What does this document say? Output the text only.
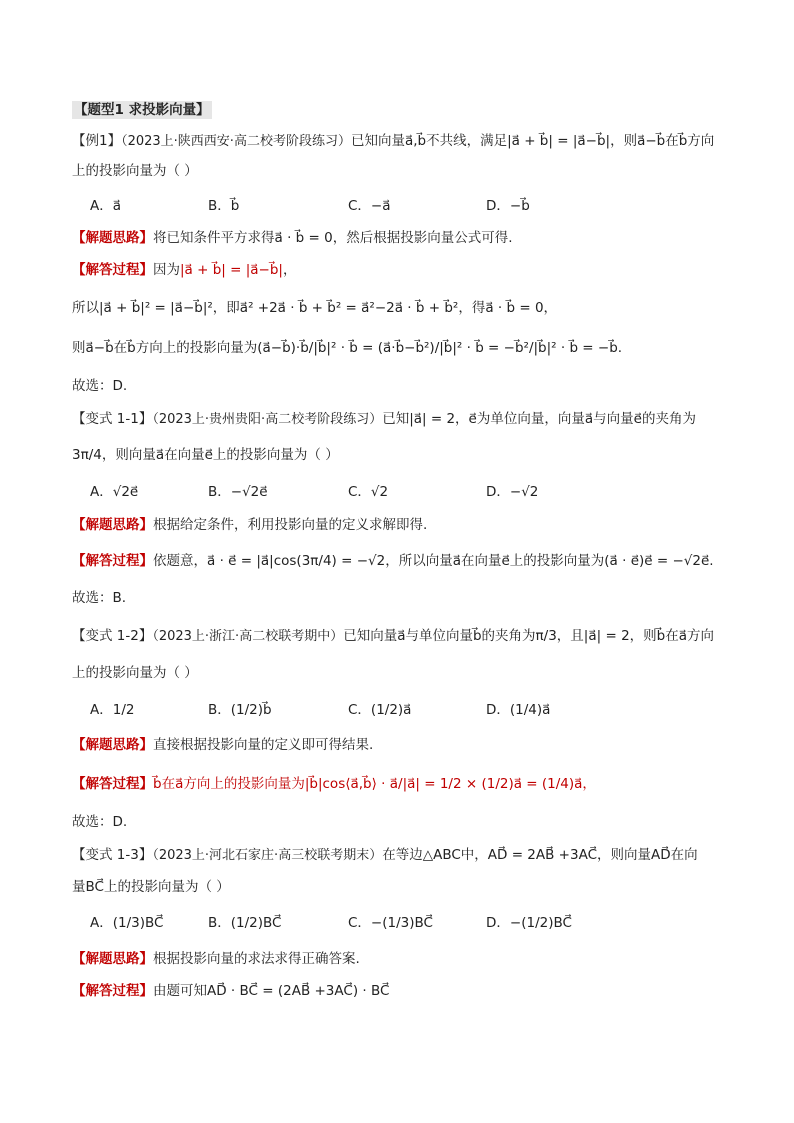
【题型1 求投影向量】
【例1】（2023上·陕西西安·高二校考阶段练习）已知向量a⃗,b⃗不共线，满足|a⃗ + b⃗| = |a⃗−b⃗|，则a⃗−b⃗在b⃗方向
上的投影向量为（ ）
A．a⃗	B．b⃗	C．−a⃗	D．−b⃗
【解题思路】将已知条件平方求得a⃗ · b⃗ = 0，然后根据投影向量公式可得.
【解答过程】因为|a⃗ + b⃗| = |a⃗−b⃗|，
所以|a⃗ + b⃗|² = |a⃗−b⃗|²，即a⃗² +2a⃗ · b⃗ + b⃗² = a⃗²−2a⃗ · b⃗ + b⃗²，得a⃗ · b⃗ = 0，
则a⃗−b⃗在b⃗方向上的投影向量为(a⃗−b⃗)·b⃗/|b⃗|² · b⃗ = (a⃗·b⃗−b⃗²)/|b⃗|² · b⃗ = −b⃗²/|b⃗|² · b⃗ = −b⃗.
故选：D.
【变式 1-1】（2023上·贵州贵阳·高二校考阶段练习）已知|a⃗| = 2，e⃗为单位向量，向量a⃗与向量e⃗的夹角为
3π/4，则向量a⃗在向量e⃗上的投影向量为（ ）
A．√2e⃗	B．−√2e⃗	C．√2	D．−√2
【解题思路】根据给定条件，利用投影向量的定义求解即得.
【解答过程】依题意，a⃗ · e⃗ = |a⃗|cos(3π/4) = −√2，所以向量a⃗在向量e⃗上的投影向量为(a⃗ · e⃗)e⃗ = −√2e⃗.
故选：B.
【变式 1-2】（2023上·浙江·高二校联考期中）已知向量a⃗与单位向量b⃗的夹角为π/3，且|a⃗| = 2，则b⃗在a⃗方向
上的投影向量为（ ）
A．1/2	B．(1/2)b⃗	C．(1/2)a⃗	D．(1/4)a⃗
【解题思路】直接根据投影向量的定义即可得结果.
【解答过程】b⃗在a⃗方向上的投影向量为|b⃗|cos⟨a⃗,b⃗⟩ · a⃗/|a⃗| = 1/2 × (1/2)a⃗ = (1/4)a⃗，
故选：D.
【变式 1-3】（2023上·河北石家庄·高三校联考期末）在等边△ABC中，AD⃗ = 2AB⃗ +3AC⃗，则向量AD⃗在向
量BC⃗上的投影向量为（ ）
A．(1/3)BC⃗	B．(1/2)BC⃗	C．−(1/3)BC⃗	D．−(1/2)BC⃗
【解题思路】根据投影向量的求法求得正确答案.
【解答过程】由题可知AD⃗ · BC⃗ = (2AB⃗ +3AC⃗) · BC⃗
